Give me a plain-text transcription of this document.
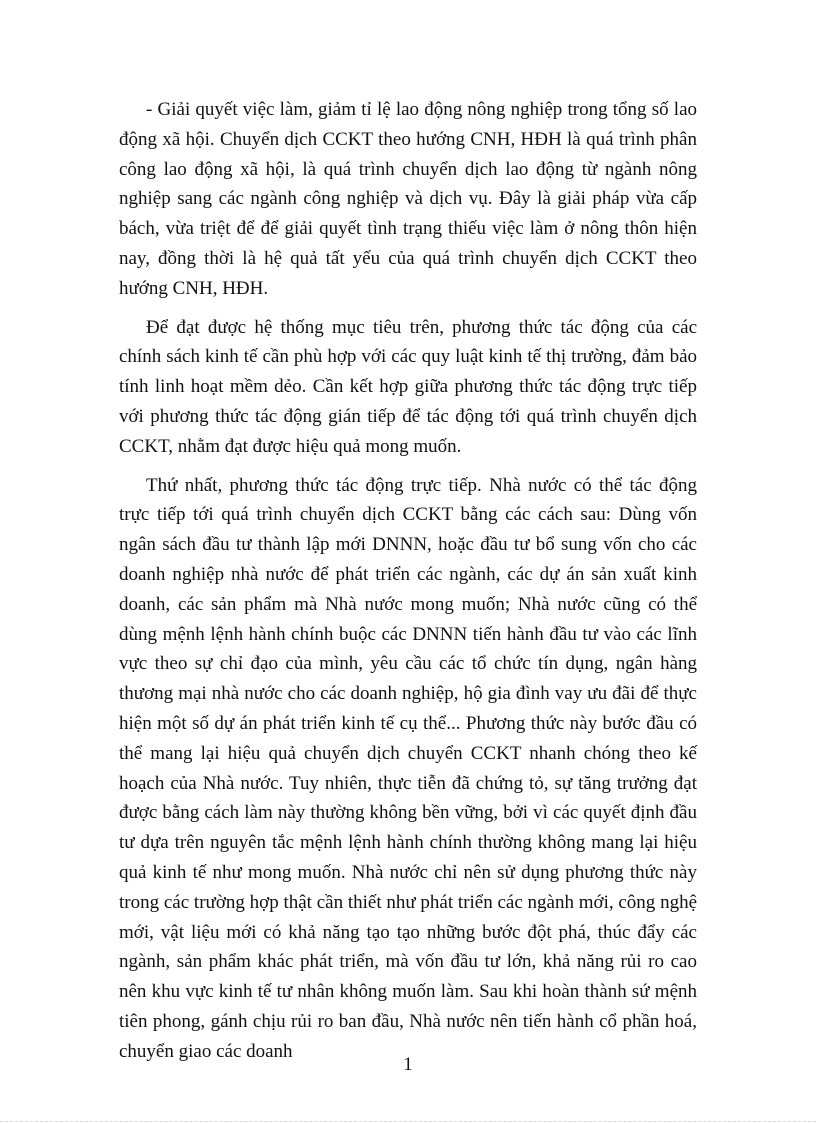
- Giải quyết việc làm, giảm tỉ lệ lao động nông nghiệp trong tổng số lao động xã hội. Chuyển dịch CCKT theo hướng CNH, HĐH là quá trình phân công lao động xã hội, là quá trình chuyển dịch lao động từ ngành nông nghiệp sang các ngành công nghiệp và dịch vụ. Đây là giải pháp vừa cấp bách, vừa triệt để để giải quyết tình trạng thiếu việc làm ở nông thôn hiện nay, đồng thời là hệ quả tất yếu của quá trình chuyển dịch CCKT theo hướng CNH, HĐH.

Để đạt được hệ thống mục tiêu trên, phương thức tác động của các chính sách kinh tế cần phù hợp với các quy luật kinh tế thị trường, đảm bảo tính linh hoạt mềm dẻo. Cần kết hợp giữa phương thức tác động trực tiếp với phương thức tác động gián tiếp để tác động tới quá trình chuyển dịch CCKT, nhằm đạt được hiệu quả mong muốn.

Thứ nhất, phương thức tác động trực tiếp. Nhà nước có thể tác động trực tiếp tới quá trình chuyển dịch CCKT bằng các cách sau: Dùng vốn ngân sách đầu tư thành lập mới DNNN, hoặc đầu tư bổ sung vốn cho các doanh nghiệp nhà nước để phát triển các ngành, các dự án sản xuất kinh doanh, các sản phẩm mà Nhà nước mong muốn; Nhà nước cũng có thể dùng mệnh lệnh hành chính buộc các DNNN tiến hành đầu tư vào các lĩnh vực theo sự chỉ đạo của mình, yêu cầu các tổ chức tín dụng, ngân hàng thương mại nhà nước cho các doanh nghiệp, hộ gia đình vay ưu đãi để thực hiện một số dự án phát triển kinh tế cụ thể... Phương thức này bước đầu có thể mang lại hiệu quả chuyển dịch chuyển CCKT nhanh chóng theo kế hoạch của Nhà nước. Tuy nhiên, thực tiễn đã chứng tỏ, sự tăng trưởng đạt được bằng cách làm này thường không bền vững, bởi vì các quyết định đầu tư dựa trên nguyên tắc mệnh lệnh hành chính thường không mang lại hiệu quả kinh tế như mong muốn. Nhà nước chỉ nên sử dụng phương thức này trong các trường hợp thật cần thiết như phát triển các ngành mới, công nghệ mới, vật liệu mới có khả năng tạo tạo những bước đột phá, thúc đẩy các ngành, sản phẩm khác phát triển, mà vốn đầu tư lớn, khả năng rủi ro cao nên khu vực kinh tế tư nhân không muốn làm. Sau khi hoàn thành sứ mệnh tiên phong, gánh chịu rủi ro ban đầu, Nhà nước nên tiến hành cổ phần hoá, chuyển giao các doanh

1
